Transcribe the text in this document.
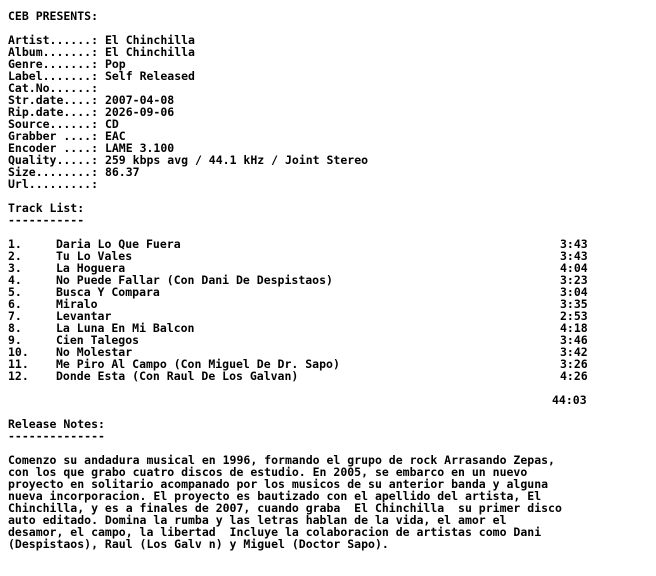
CEB PRESENTS:
Artist......: El Chinchilla
Album.......: El Chinchilla
Genre.......: Pop
Label.......: Self Released
Cat.No......:
Str.date....: 2007-04-08
Rip.date....: 2026-09-06
Source......: CD
Grabber ....: EAC
Encoder ....: LAME 3.100
Quality.....: 259 kbps avg / 44.1 kHz / Joint Stereo
Size........: 86.37
Url.........:
Track List:
-----------
1.	Daria Lo Que Fuera	3:43
2.	Tu Lo Vales	3:43
3.	La Hoguera	4:04
4.	No Puede Fallar (Con Dani De Despistaos)	3:23
5.	Busca Y Compara	3:04
6.	Miralo	3:35
7.	Levantar	2:53
8.	La Luna En Mi Balcon	4:18
9.	Cien Talegos	3:46
10. No Molestar	3:42
11. Me Piro Al Campo (Con Miguel De Dr. Sapo)	3:26
12. Donde Esta (Con Raul De Los Galvan)	4:26
44:03
Release Notes:
--------------
Comenzo su andadura musical en 1996, formando el grupo de rock Arrasando Zepas,
con los que grabo cuatro discos de estudio. En 2005, se embarco en un nuevo
proyecto en solitario acompanado por los musicos de su anterior banda y alguna
nueva incorporacion. El proyecto es bautizado con el apellido del artista, El
Chinchilla, y es a finales de 2007, cuando graba  El Chinchilla  su primer disco
auto editado. Domina la rumba y las letras hablan de la vida, el amor el
desamor, el campo, la libertad  Incluye la colaboracion de artistas como Dani
(Despistaos), Raul (Los Galv n) y Miguel (Doctor Sapo).
